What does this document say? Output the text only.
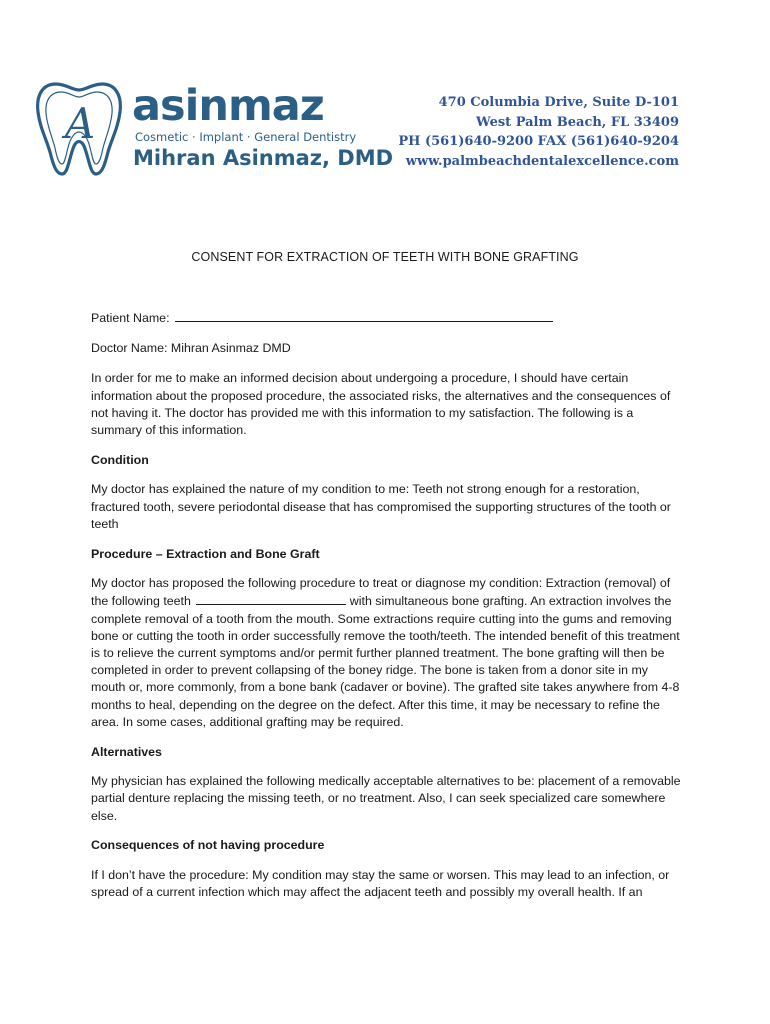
A asinmaz
Cosmetic · Implant · General Dentistry
Mihran Asinmaz, DMD
470 Columbia Drive, Suite D-101
West Palm Beach, FL 33409
PH (561)640-9200 FAX (561)640-9204
www.palmbeachdentalexcellence.com
CONSENT FOR EXTRACTION OF TEETH WITH BONE GRAFTING
Patient Name:
Doctor Name: Mihran Asinmaz DMD

In order for me to make an informed decision about undergoing a procedure, I should have certain information about the proposed procedure, the associated risks, the alternatives and the consequences of not having it. The doctor has provided me with this information to my satisfaction. The following is a summary of this information.

Condition

My doctor has explained the nature of my condition to me: Teeth not strong enough for a restoration, fractured tooth, severe periodontal disease that has compromised the supporting structures of the tooth or teeth

Procedure – Extraction and Bone Graft

My doctor has proposed the following procedure to treat or diagnose my condition: Extraction (removal) of the following teeth	with simultaneous bone grafting. An extraction involves the complete removal of a tooth from the mouth. Some extractions require cutting into the gums and removing bone or cutting the tooth in order successfully remove the tooth/teeth. The intended benefit of this treatment is to relieve the current symptoms and/or permit further planned treatment. The bone grafting will then be completed in order to prevent collapsing of the boney ridge. The bone is taken from a donor site in my mouth or, more commonly, from a bone bank (cadaver or bovine). The grafted site takes anywhere from 4-8 months to heal, depending on the degree on the defect. After this time, it may be necessary to refine the area. In some cases, additional grafting may be required.

Alternatives

My physician has explained the following medically acceptable alternatives to be: placement of a removable partial denture replacing the missing teeth, or no treatment. Also, I can seek specialized care somewhere else.

Consequences of not having procedure

If I don’t have the procedure: My condition may stay the same or worsen. This may lead to an infection, or spread of a current infection which may affect the adjacent teeth and possibly my overall health. If an
